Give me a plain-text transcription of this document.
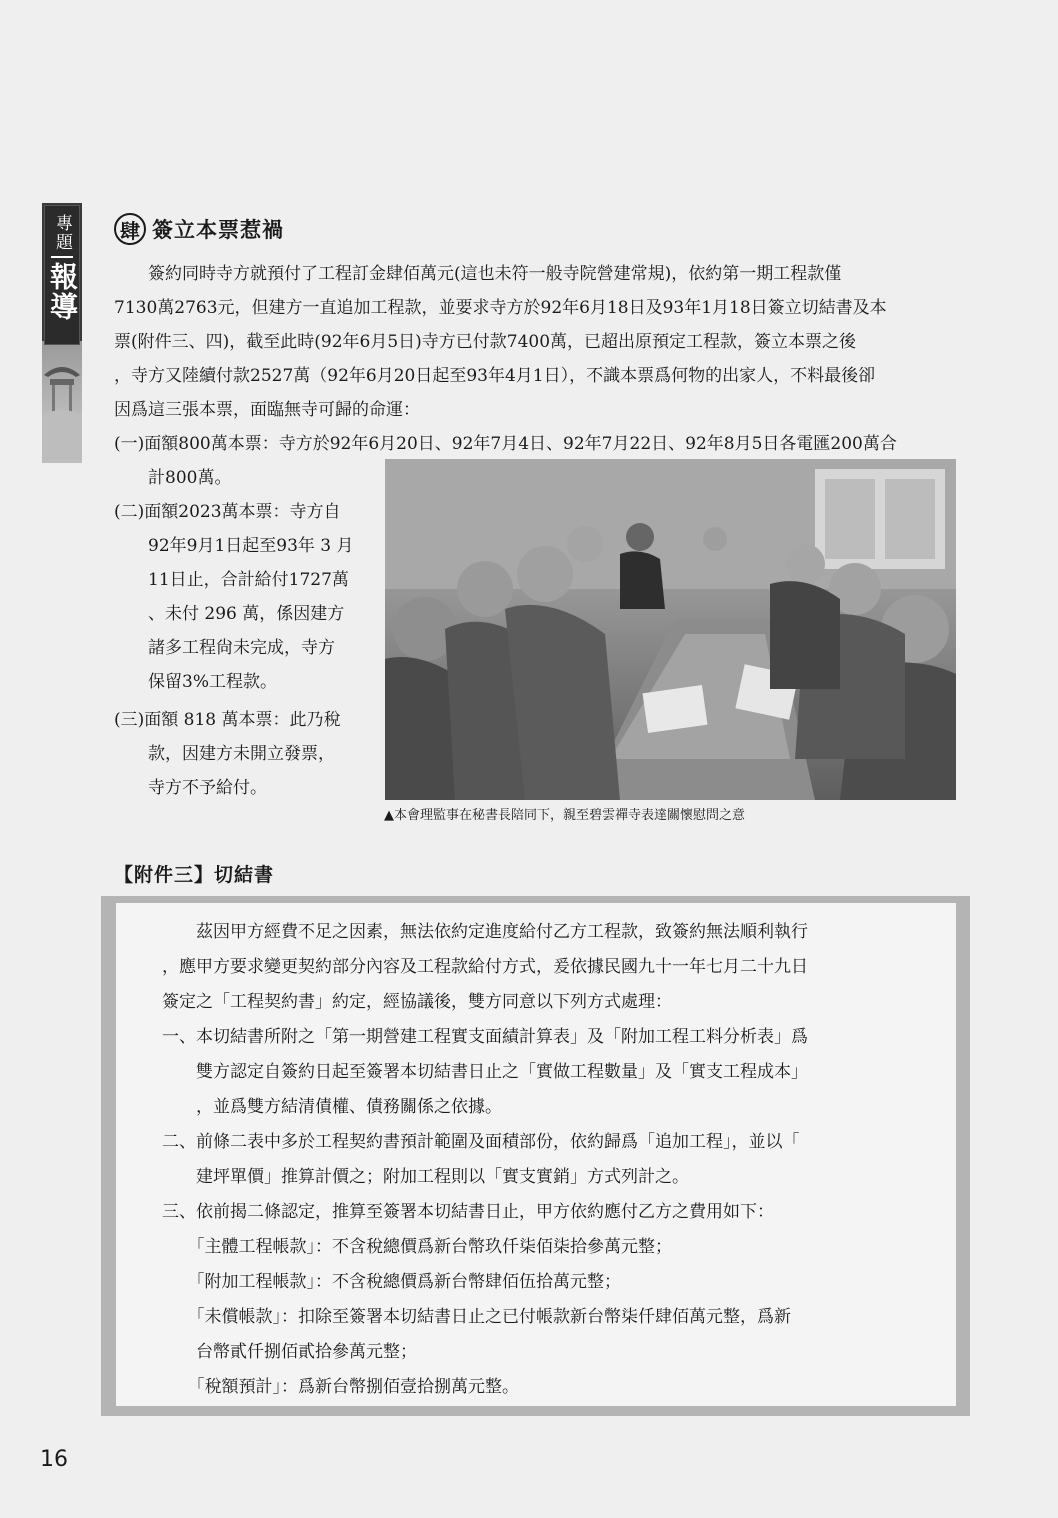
專題
報導
肆 簽立本票惹禍
　　簽約同時寺方就預付了工程訂金肆佰萬元(這也未符一般寺院營建常規)，依約第一期工程款僅
7130萬2763元，但建方一直追加工程款，並要求寺方於92年6月18日及93年1月18日簽立切結書及本
票(附件三、四)，截至此時(92年6月5日)寺方已付款7400萬，已超出原預定工程款，簽立本票之後
，寺方又陸續付款2527萬（92年6月20日起至93年4月1日），不識本票爲何物的出家人，不料最後卻
因爲這三張本票，面臨無寺可歸的命運：
(一)面額800萬本票：寺方於92年6月20日、92年7月4日、92年7月22日、92年8月5日各電匯200萬合
　　計800萬。
(二)面額2023萬本票：寺方自
　　92年9月1日起至93年 3 月
　　11日止，合計給付1727萬
　　、未付 296 萬，係因建方
　　諸多工程尙未完成，寺方
　　保留3%工程款。
(三)面額 818 萬本票：此乃稅
　　款，因建方未開立發票，
　　寺方不予給付。
▲本會理監事在秘書長陪同下，親至碧雲禪寺表達關懷慰問之意
【附件三】切結書
　　茲因甲方經費不足之因素，無法依約定進度給付乙方工程款，致簽約無法順利執行
，應甲方要求變更契約部分內容及工程款給付方式，爰依據民國九十一年七月二十九日
簽定之「工程契約書」約定，經協議後，雙方同意以下列方式處理：
一、本切結書所附之「第一期營建工程實支面績計算表」及「附加工程工料分析表」爲
　　雙方認定自簽約日起至簽署本切結書日止之「實做工程數量」及「實支工程成本」
　　，並爲雙方結清債權、債務關係之依據。
二、前條二表中多於工程契約書預計範圍及面積部份，依約歸爲「追加工程」，並以「
　　建坪單價」推算計價之；附加工程則以「實支實銷」方式列計之。
三、依前揭二條認定，推算至簽署本切結書日止，甲方依約應付乙方之費用如下：
　　「主體工程帳款」：不含稅總價爲新台幣玖仟柒佰柒拾參萬元整；
　　「附加工程帳款」：不含稅總價爲新台幣肆佰伍拾萬元整；
　　「未償帳款」：扣除至簽署本切結書日止之已付帳款新台幣柒仟肆佰萬元整，爲新
　　台幣貳仟捌佰貳拾參萬元整；
　　「稅額預計」：爲新台幣捌佰壹拾捌萬元整。
16
